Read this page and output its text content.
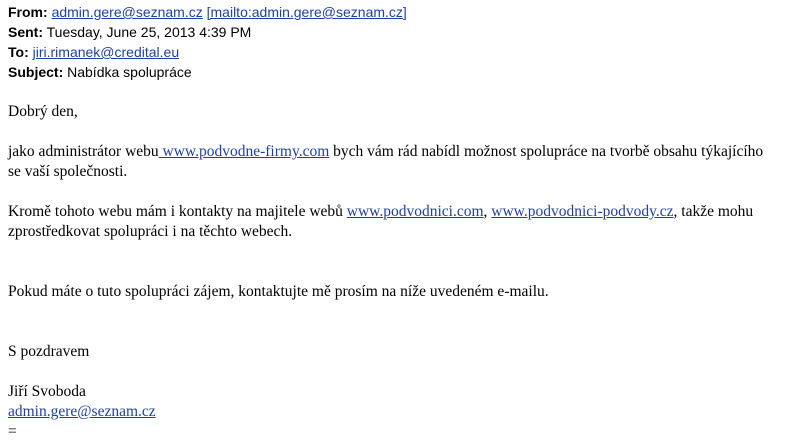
From: admin.gere@seznam.cz [mailto:admin.gere@seznam.cz]
Sent: Tuesday, June 25, 2013 4:39 PM
To: jiri.rimanek@credital.eu
Subject: Nabídka spolupráce

Dobrý den,

jako administrátor webu www.podvodne-firmy.com bych vám rád nabídl možnost spolupráce na tvorbě obsahu týkajícího

se vaší společnosti.

Kromě tohoto webu mám i kontakty na majitele webů www.podvodnici.com, www.podvodnici-podvody.cz, takže mohu

zprostředkovat spolupráci i na těchto webech.

Pokud máte o tuto spolupráci zájem, kontaktujte mě prosím na níže uvedeném e-mailu.

S pozdravem

Jiří Svoboda

admin.gere@seznam.cz

=
